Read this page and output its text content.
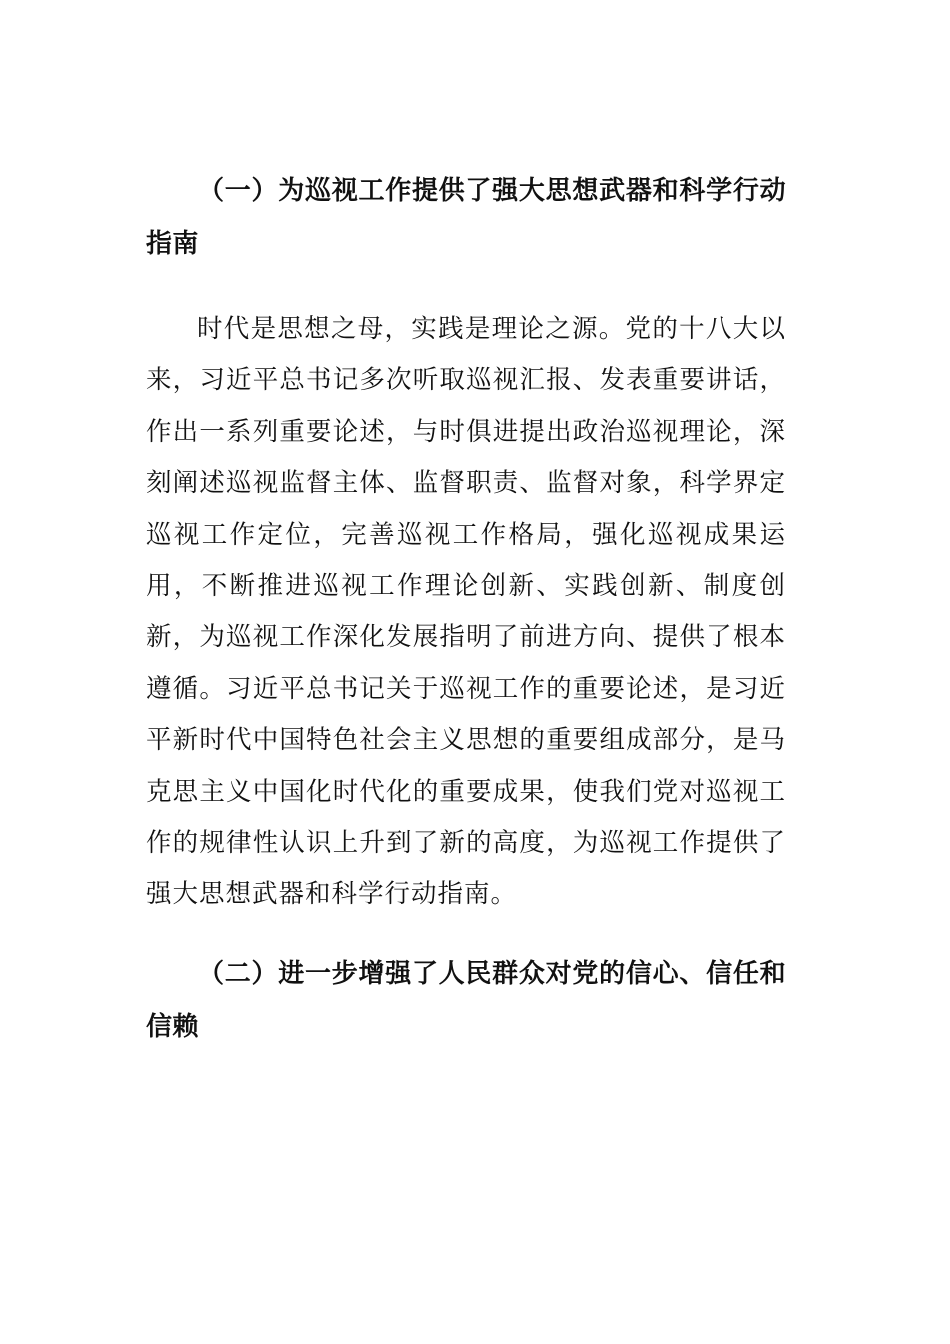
（一）为巡视工作提供了强大思想武器和科学行动指南

时代是思想之母，实践是理论之源。党的十八大以来，习近平总书记多次听取巡视汇报、发表重要讲话，作出一系列重要论述，与时俱进提出政治巡视理论，深刻阐述巡视监督主体、监督职责、监督对象，科学界定巡视工作定位，完善巡视工作格局，强化巡视成果运用，不断推进巡视工作理论创新、实践创新、制度创新，为巡视工作深化发展指明了前进方向、提供了根本遵循。习近平总书记关于巡视工作的重要论述，是习近平新时代中国特色社会主义思想的重要组成部分，是马克思主义中国化时代化的重要成果，使我们党对巡视工作的规律性认识上升到了新的高度，为巡视工作提供了强大思想武器和科学行动指南。

（二）进一步增强了人民群众对党的信心、信任和信赖
